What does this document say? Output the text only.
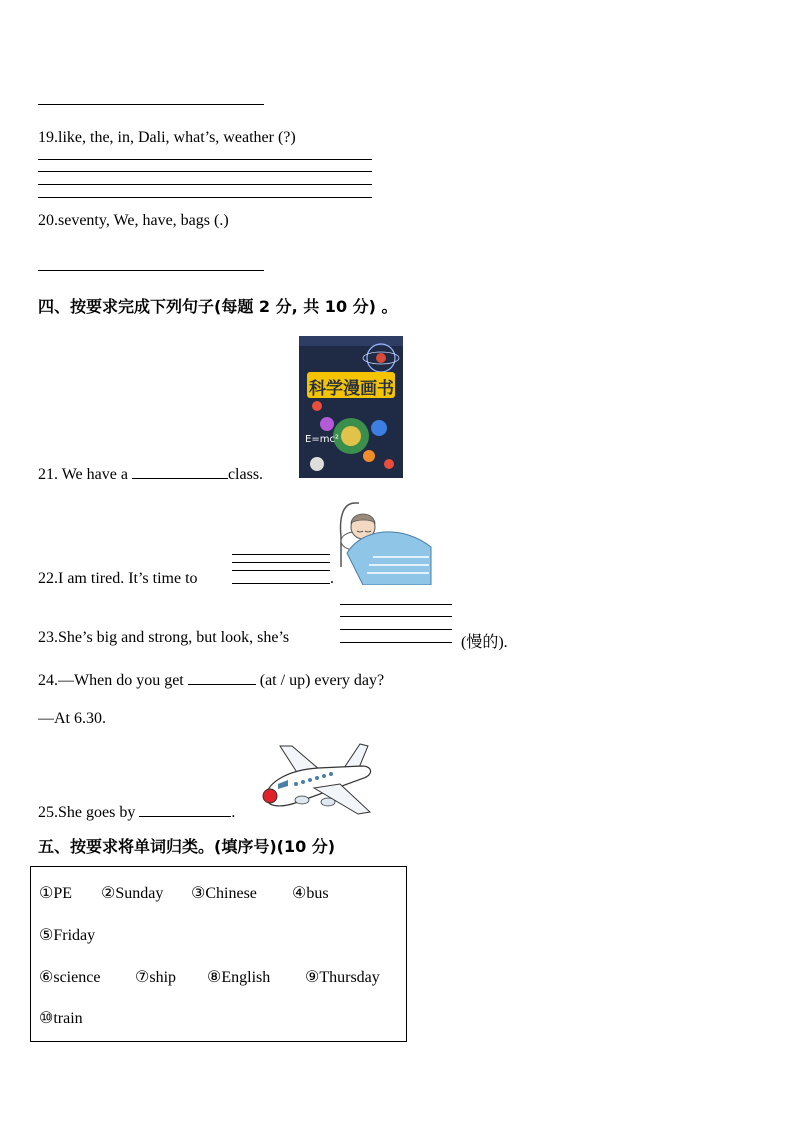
19.like, the, in, Dali, what’s, weather (?)
20.seventy, We, have, bags (.)
四、按要求完成下列句子(每题 2 分, 共 10 分) 。
科学漫画书
E=mc²
21. We have a	class.
22.I am tired. It’s time to	.
23.She’s big and strong, but look, she’s	(慢的).
24.—When do you get	(at / up) every day?
—At 6.30.
25.She goes by	.
五、按要求将单词归类。(填序号)(10 分)
①PE ②Sunday ③Chinese ④bus
⑤Friday
⑥science ⑦ship ⑧English ⑨Thursday
⑩train
